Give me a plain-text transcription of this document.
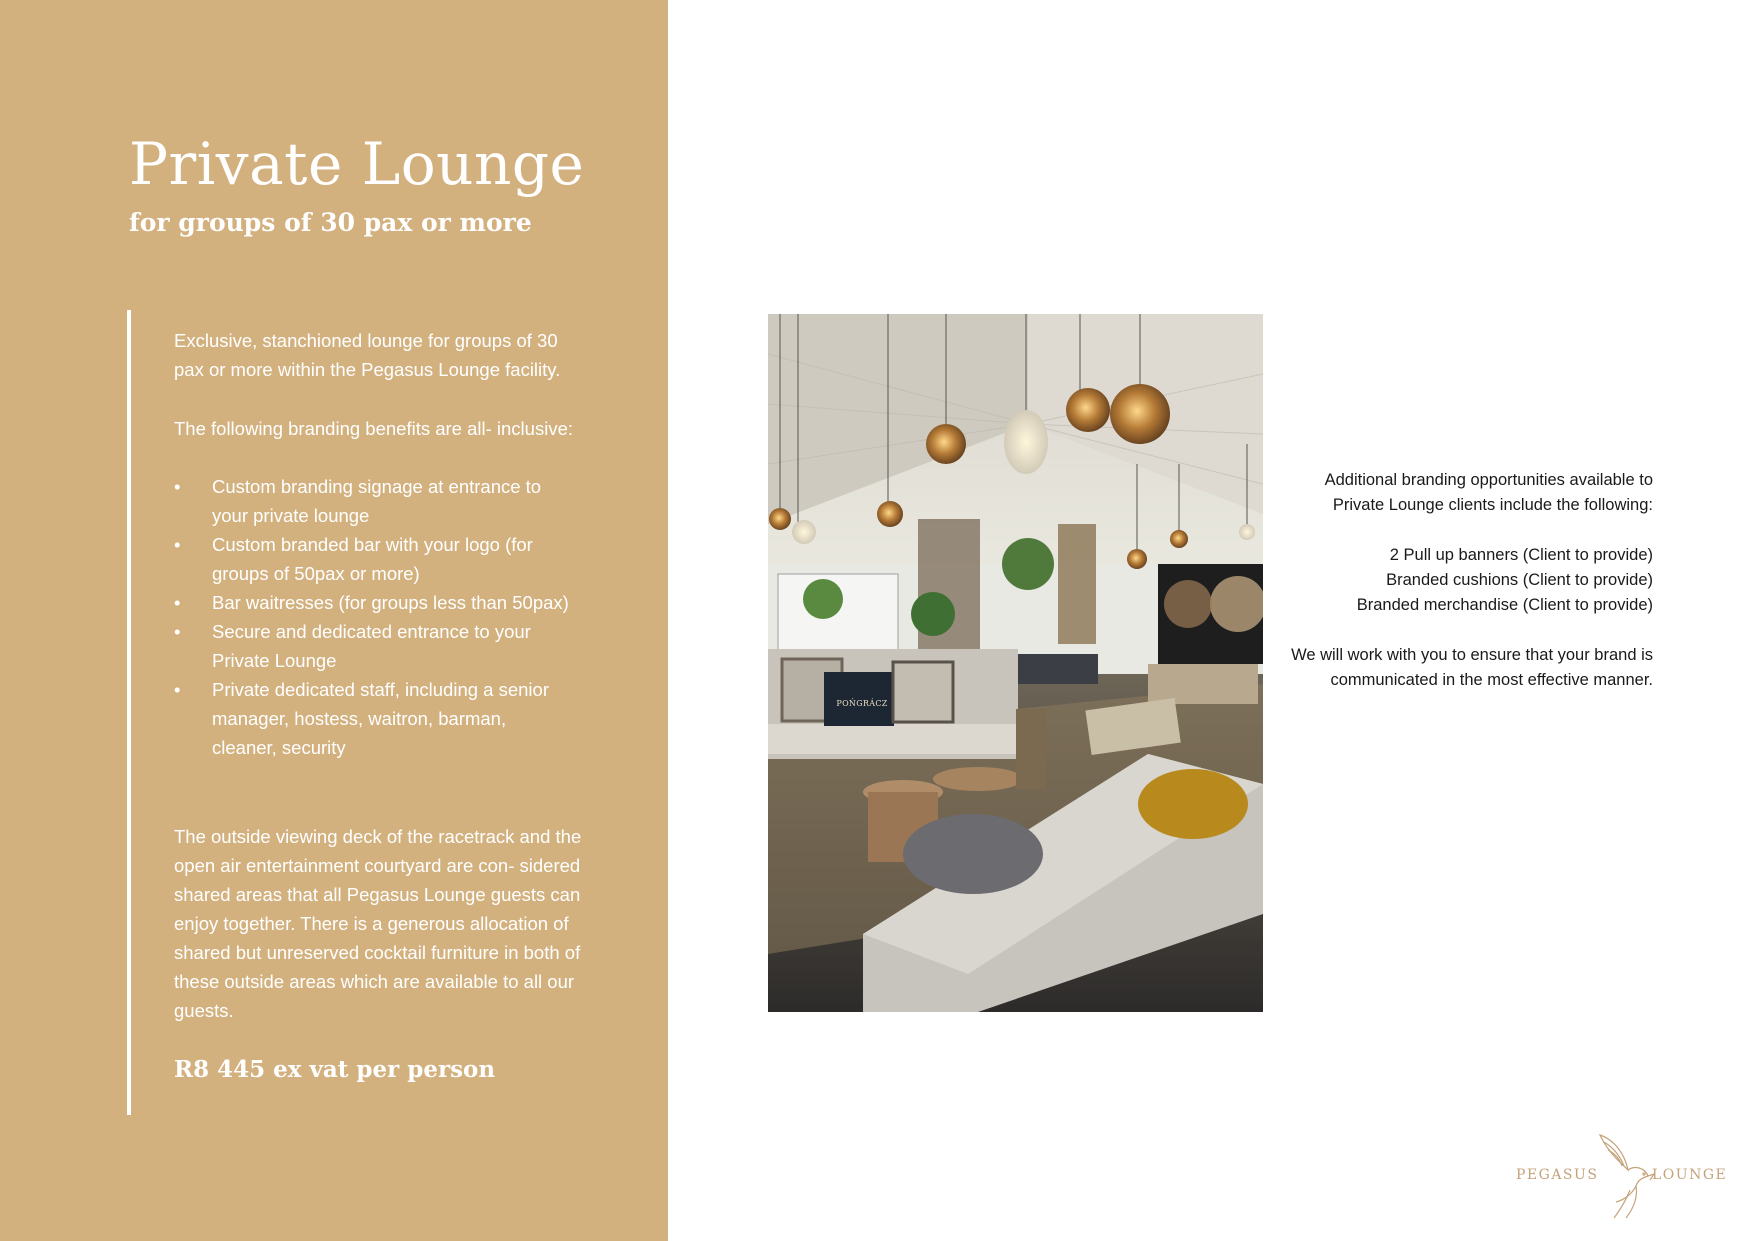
Private Lounge
for groups of 30 pax or more

Exclusive, stanchioned lounge for groups of 30 pax or more within the Pegasus Lounge facility.

The following branding benefits are all- inclusive:

• Custom branding signage at entrance to your private lounge
• Custom branded bar with your logo (for groups of 50pax or more)
• Bar waitresses (for groups less than 50pax)
• Secure and dedicated entrance to your Private Lounge
• Private dedicated staff, including a senior manager, hostess, waitron, barman, cleaner, security

The outside viewing deck of the racetrack and the open air entertainment courtyard are con- sidered shared areas that all Pegasus Lounge guests can enjoy together. There is a generous allocation of shared but unreserved cocktail furniture in both of these outside areas which are available to all our guests.

R8 445 ex vat per person

POŃGRÁCZ

Additional branding opportunities available to Private Lounge clients include the following:

2 Pull up banners (Client to provide)
Branded cushions (Client to provide)
Branded merchandise (Client to provide)

We will work with you to ensure that your brand is communicated in the most effective manner.

PEGASUS	LOUNGE
